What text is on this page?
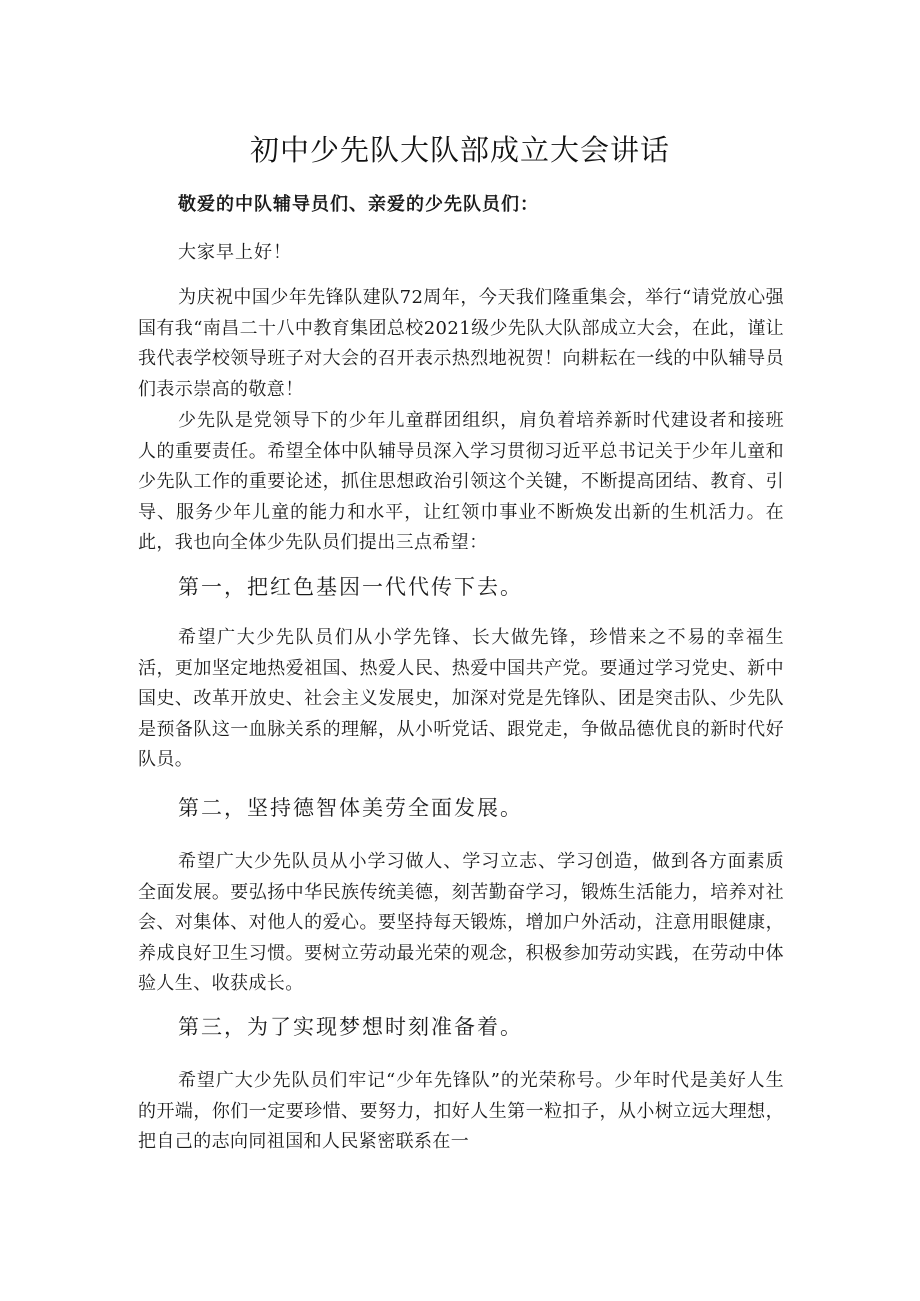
初中少先队大队部成立大会讲话
敬爱的中队辅导员们、亲爱的少先队员们：
大家早上好！

为庆祝中国少年先锋队建队72周年，今天我们隆重集会，举行“请党放心强国有我“南昌二十八中教育集团总校2021级少先队大队部成立大会，在此，谨让我代表学校领导班子对大会的召开表示热烈地祝贺！向耕耘在一线的中队辅导员们表示崇高的敬意！

少先队是党领导下的少年儿童群团组织，肩负着培养新时代建设者和接班人的重要责任。希望全体中队辅导员深入学习贯彻习近平总书记关于少年儿童和少先队工作的重要论述，抓住思想政治引领这个关键，不断提高团结、教育、引导、服务少年儿童的能力和水平，让红领巾事业不断焕发出新的生机活力。在此，我也向全体少先队员们提出三点希望：

第一，把红色基因一代代传下去。

希望广大少先队员们从小学先锋、长大做先锋，珍惜来之不易的幸福生活，更加坚定地热爱祖国、热爱人民、热爱中国共产党。要通过学习党史、新中国史、改革开放史、社会主义发展史，加深对党是先锋队、团是突击队、少先队是预备队这一血脉关系的理解，从小听党话、跟党走，争做品德优良的新时代好队员。

第二，坚持德智体美劳全面发展。

希望广大少先队员从小学习做人、学习立志、学习创造，做到各方面素质全面发展。要弘扬中华民族传统美德，刻苦勤奋学习，锻炼生活能力，培养对社会、对集体、对他人的爱心。要坚持每天锻炼，增加户外活动，注意用眼健康，养成良好卫生习惯。要树立劳动最光荣的观念，积极参加劳动实践，在劳动中体验人生、收获成长。

第三，为了实现梦想时刻准备着。

希望广大少先队员们牢记“少年先锋队”的光荣称号。少年时代是美好人生的开端，你们一定要珍惜、要努力，扣好人生第一粒扣子，从小树立远大理想，把自己的志向同祖国和人民紧密联系在一
